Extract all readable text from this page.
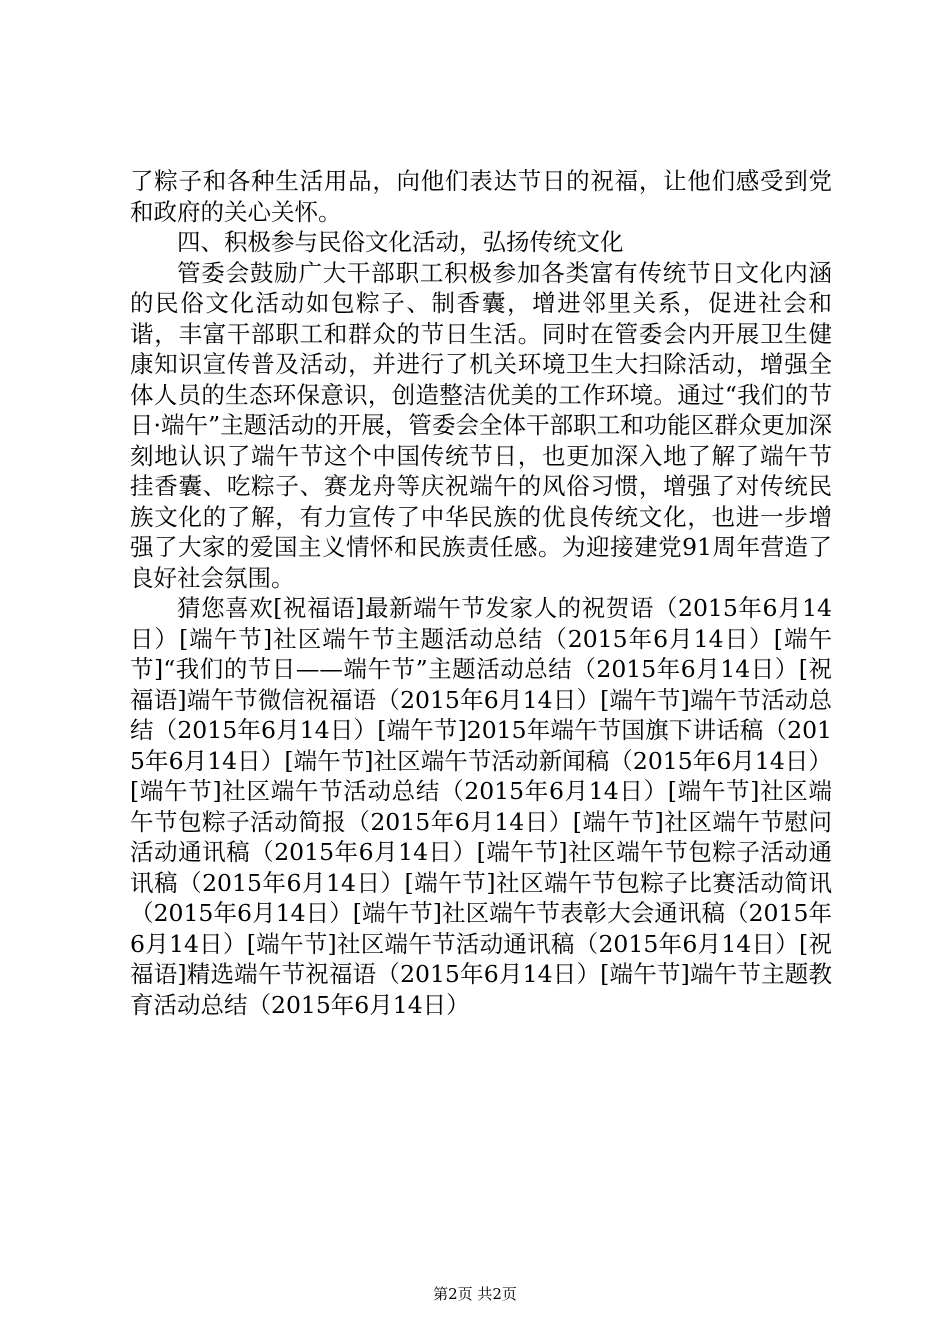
了粽子和各种生活用品，向他们表达节日的祝福，让他们感受到党和政府的关心关怀。

四、积极参与民俗文化活动，弘扬传统文化

管委会鼓励广大干部职工积极参加各类富有传统节日文化内涵的民俗文化活动如包粽子、制香囊，增进邻里关系，促进社会和谐，丰富干部职工和群众的节日生活。同时在管委会内开展卫生健康知识宣传普及活动，并进行了机关环境卫生大扫除活动，增强全体人员的生态环保意识，创造整洁优美的工作环境。通过“我们的节日·端午”主题活动的开展，管委会全体干部职工和功能区群众更加深刻地认识了端午节这个中国传统节日，也更加深入地了解了端午节挂香囊、吃粽子、赛龙舟等庆祝端午的风俗习惯，增强了对传统民族文化的了解，有力宣传了中华民族的优良传统文化，也进一步增强了大家的爱国主义情怀和民族责任感。为迎接建党91周年营造了良好社会氛围。

猜您喜欢[祝福语]最新端午节发家人的祝贺语（2015年6月14日）[端午节]社区端午节主题活动总结（2015年6月14日）[端午节]“我们的节日——端午节”主题活动总结（2015年6月14日）[祝福语]端午节微信祝福语（2015年6月14日）[端午节]端午节活动总结（2015年6月14日）[端午节]2015年端午节国旗下讲话稿（2015年6月14日）[端午节]社区端午节活动新闻稿（2015年6月14日）[端午节]社区端午节活动总结（2015年6月14日）[端午节]社区端午节包粽子活动简报（2015年6月14日）[端午节]社区端午节慰问活动通讯稿（2015年6月14日）[端午节]社区端午节包粽子活动通讯稿（2015年6月14日）[端午节]社区端午节包粽子比赛活动简讯（2015年6月14日）[端午节]社区端午节表彰大会通讯稿（2015年6月14日）[端午节]社区端午节活动通讯稿（2015年6月14日）[祝福语]精选端午节祝福语（2015年6月14日）[端午节]端午节主题教育活动总结（2015年6月14日）

第2页 共2页
